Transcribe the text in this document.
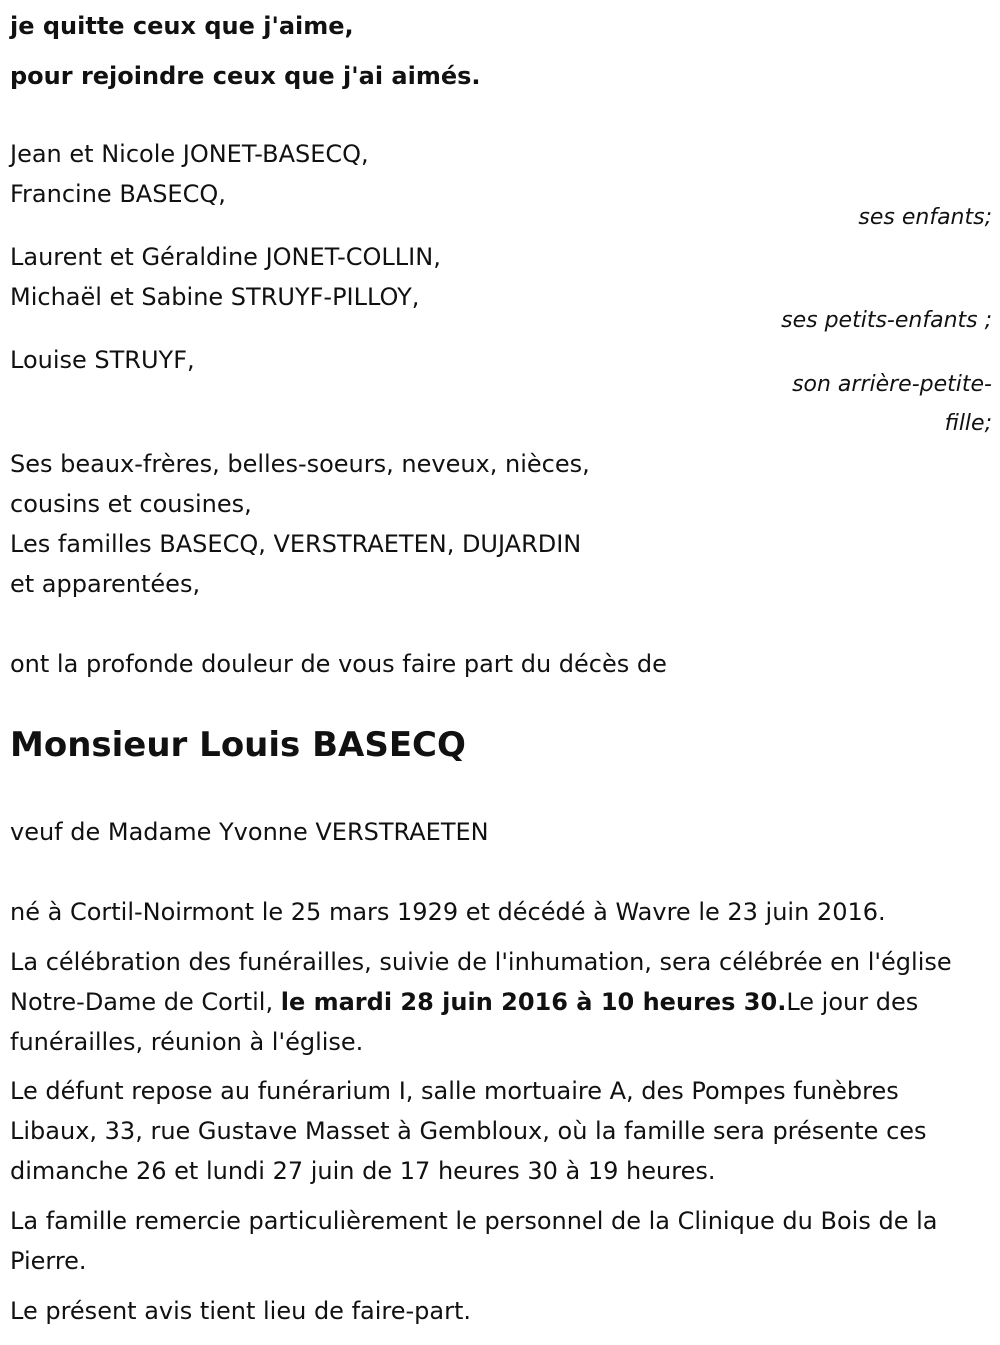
je quitte ceux que j'aime,
pour rejoindre ceux que j'ai aimés.
Jean et Nicole JONET-BASECQ,
Francine BASECQ,
ses enfants;
Laurent et Géraldine JONET-COLLIN,
Michaël et Sabine STRUYF-PILLOY,
ses petits-enfants ;
Louise STRUYF,
son arrière-petite-
fille;
Ses beaux-frères, belles-soeurs, neveux, nièces,
cousins et cousines,
Les familles BASECQ, VERSTRAETEN, DUJARDIN
et apparentées,
ont la profonde douleur de vous faire part du décès de
Monsieur Louis BASECQ
veuf de Madame Yvonne VERSTRAETEN
né à Cortil-Noirmont le 25 mars 1929 et décédé à Wavre le 23 juin 2016.
La célébration des funérailles, suivie de l'inhumation, sera célébrée en l'église Notre-Dame de Cortil, le mardi 28 juin 2016 à 10 heures 30.Le jour des funérailles, réunion à l'église.
Le défunt repose au funérarium I, salle mortuaire A, des Pompes funèbres Libaux, 33, rue Gustave Masset à Gembloux, où la famille sera présente ces dimanche 26 et lundi 27 juin de 17 heures 30 à 19 heures.
La famille remercie particulièrement le personnel de la Clinique du Bois de la Pierre.
Le présent avis tient lieu de faire-part.
